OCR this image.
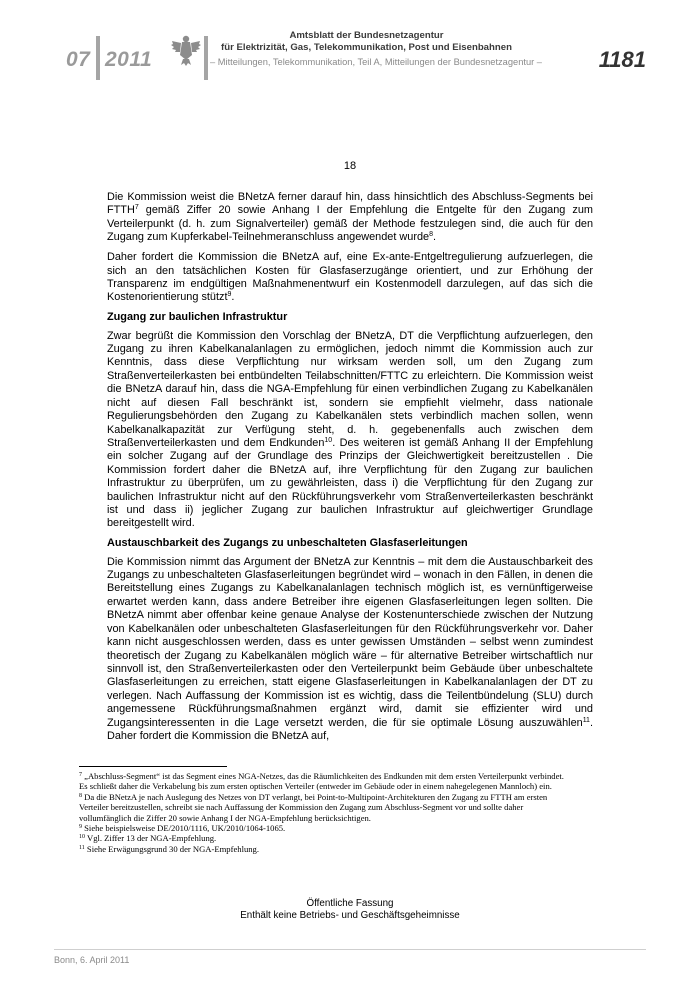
07 2011
Amtsblatt der Bundesnetzagentur
für Elektrizität, Gas, Telekommunikation, Post und Eisenbahnen
– Mitteilungen, Telekommunikation, Teil A, Mitteilungen der Bundesnetzagentur –	1181
18

Die Kommission weist die BNetzA ferner darauf hin, dass hinsichtlich des Abschluss-Segments bei FTTH$^7$ gemäß Ziffer 20 sowie Anhang I der Empfehlung die Entgelte für den Zugang zum Verteilerpunkt (d. h. zum Signalverteiler) gemäß der Methode festzulegen sind, die auch für den Zugang zum Kupferkabel-Teilnehmeranschluss angewendet wurde$^8$.

Daher fordert die Kommission die BNetzA auf, eine Ex-ante-Entgeltregulierung aufzuerlegen, die sich an den tatsächlichen Kosten für Glasfaserzugänge orientiert, und zur Erhöhung der Transparenz im endgültigen Maßnahmenentwurf ein Kostenmodell darzulegen, auf das sich die Kostenorientierung stützt$^9$.

Zugang zur baulichen Infrastruktur

Zwar begrüßt die Kommission den Vorschlag der BNetzA, DT die Verpflichtung aufzuerlegen, den Zugang zu ihren Kabelkanalanlagen zu ermöglichen, jedoch nimmt die Kommission auch zur Kenntnis, dass diese Verpflichtung nur wirksam werden soll, um den Zugang zum Straßenverteilerkasten bei entbündelten Teilabschnitten/FTTC zu erleichtern. Die Kommission weist die BNetzA darauf hin, dass die NGA-Empfehlung für einen verbindlichen Zugang zu Kabelkanälen nicht auf diesen Fall beschränkt ist, sondern sie empfiehlt vielmehr, dass nationale Regulierungsbehörden den Zugang zu Kabelkanälen stets verbindlich machen sollen, wenn Kabelkanalkapazität zur Verfügung steht, d. h. gegebenenfalls auch zwischen dem Straßenverteilerkasten und dem Endkunden$^{10}$. Des weiteren ist gemäß Anhang II der Empfehlung ein solcher Zugang auf der Grundlage des Prinzips der Gleichwertigkeit bereitzustellen . Die Kommission fordert daher die BNetzA auf, ihre Verpflichtung für den Zugang zur baulichen Infrastruktur zu überprüfen, um zu gewährleisten, dass i) die Verpflichtung für den Zugang zur baulichen Infrastruktur nicht auf den Rückführungsverkehr vom Straßenverteilerkasten beschränkt ist und dass ii) jeglicher Zugang zur baulichen Infrastruktur auf gleichwertiger Grundlage bereitgestellt wird.

Austauschbarkeit des Zugangs zu unbeschalteten Glasfaserleitungen

Die Kommission nimmt das Argument der BNetzA zur Kenntnis – mit dem die Austauschbarkeit des Zugangs zu unbeschalteten Glasfaserleitungen begründet wird – wonach in den Fällen, in denen die Bereitstellung eines Zugangs zu Kabelkanalanlagen technisch möglich ist, es vernünftigerweise erwartet werden kann, dass andere Betreiber ihre eigenen Glasfaserleitungen legen sollten. Die BNetzA nimmt aber offenbar keine genaue Analyse der Kostenunterschiede zwischen der Nutzung von Kabelkanälen oder unbeschalteten Glasfaserleitungen für den Rückführungsverkehr vor. Daher kann nicht ausgeschlossen werden, dass es unter gewissen Umständen – selbst wenn zumindest theoretisch der Zugang zu Kabelkanälen möglich wäre – für alternative Betreiber wirtschaftlich nur sinnvoll ist, den Straßenverteilerkasten oder den Verteilerpunkt beim Gebäude über unbeschaltete Glasfaserleitungen zu erreichen, statt eigene Glasfaserleitungen in Kabelkanalanlagen der DT zu verlegen. Nach Auffassung der Kommission ist es wichtig, dass die Teilentbündelung (SLU) durch angemessene Rückführungsmaßnahmen ergänzt wird, damit sie effizienter wird und Zugangsinteressenten in die Lage versetzt werden, die für sie optimale Lösung auszuwählen$^{11}$. Daher fordert die Kommission die BNetzA auf,

$^7$ „Abschluss-Segment“ ist das Segment eines NGA-Netzes, das die Räumlichkeiten des Endkunden mit dem ersten Verteilerpunkt verbindet. Es schließt daher die Verkabelung bis zum ersten optischen Verteiler (entweder im Gebäude oder in einem nahegelegenen Mannloch) ein.
$^8$ Da die BNetzA je nach Auslegung des Netzes von DT verlangt, bei Point-to-Multipoint-Architekturen den Zugang zu FTTH am ersten Verteiler bereitzustellen, schreibt sie nach Auffassung der Kommission den Zugang zum Abschluss-Segment vor und sollte daher vollumfänglich die Ziffer 20 sowie Anhang I der NGA-Empfehlung berücksichtigen.
$^9$ Siehe beispielsweise DE/2010/1116, UK/2010/1064-1065.
$^{10}$ Vgl. Ziffer 13 der NGA-Empfehlung.
$^{11}$ Siehe Erwägungsgrund 30 der NGA-Empfehlung.
Öffentliche Fassung
Enthält keine Betriebs- und Geschäftsgeheimnisse
Bonn, 6. April 2011
